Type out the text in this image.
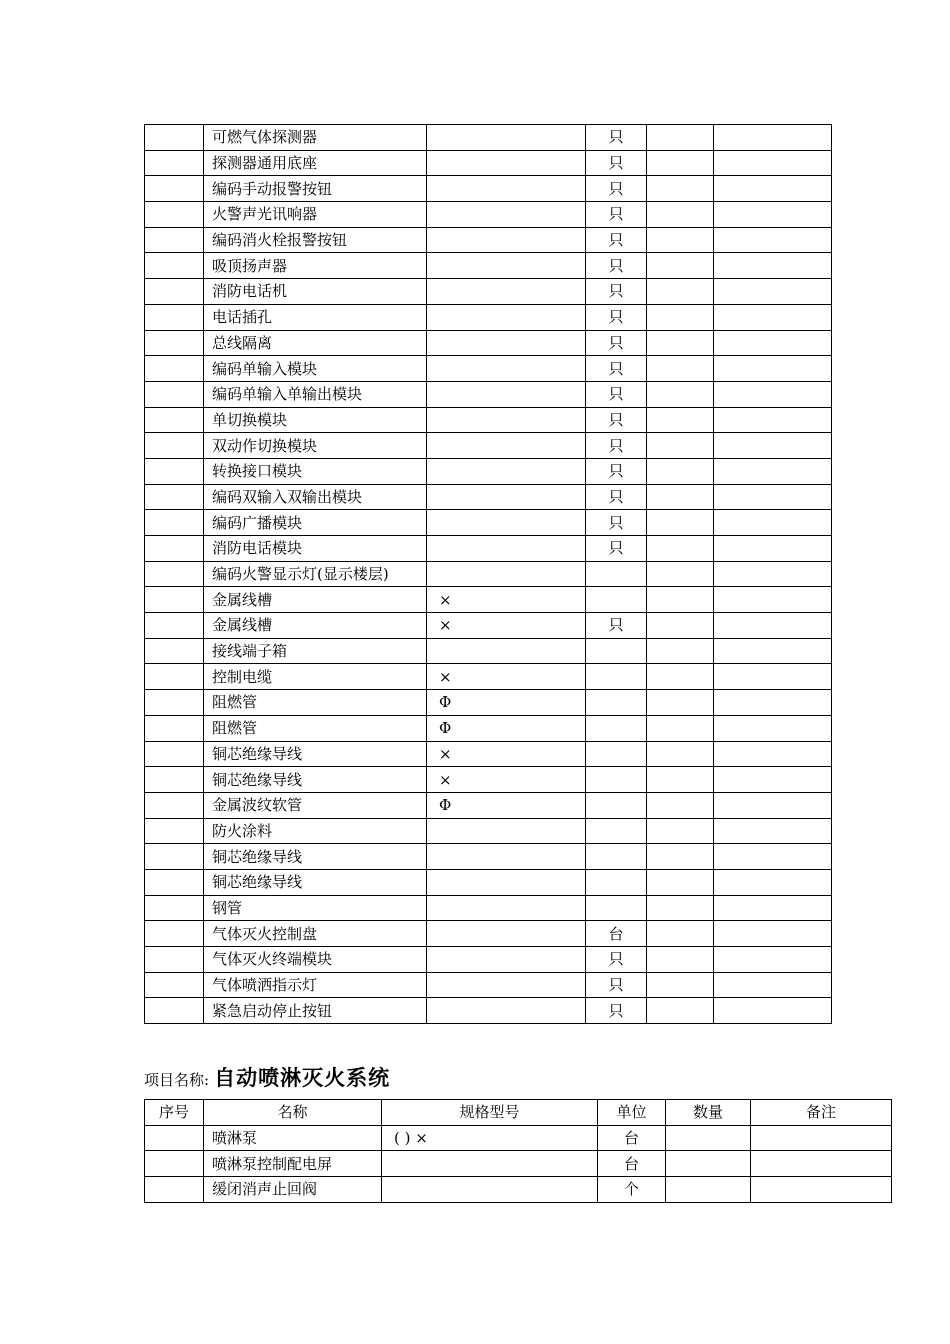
	可燃气体探测器		只		
	探测器通用底座		只		
	编码手动报警按钮		只		
	火警声光讯响器		只		
	编码消火栓报警按钮		只		
	吸顶扬声器		只		
	消防电话机		只		
	电话插孔		只		
	总线隔离		只		
	编码单输入模块		只		
	编码单输入单输出模块		只		
	单切换模块		只		
	双动作切换模块		只		
	转换接口模块		只		
	编码双输入双输出模块		只		
	编码广播模块		只		
	消防电话模块		只		
	编码火警显示灯(显示楼层)				
	金属线槽	×			
	金属线槽	×	只		
	接线端子箱				
	控制电缆	×			
	阻燃管	Φ			
	阻燃管	Φ			
	铜芯绝缘导线	×			
	铜芯绝缘导线	×			
	金属波纹软管	Φ			
	防火涂料				
	铜芯绝缘导线				
	铜芯绝缘导线				
	钢管				
	气体灭火控制盘		台		
	气体灭火终端模块		只		
	气体喷洒指示灯		只		
	紧急启动停止按钮		只		
项目名称: 自动喷淋灭火系统
序号	名称	规格型号	单位	数量	备注
	喷淋泵	( ) ×	台		
	喷淋泵控制配电屏		台		
	缓闭消声止回阀		个		
